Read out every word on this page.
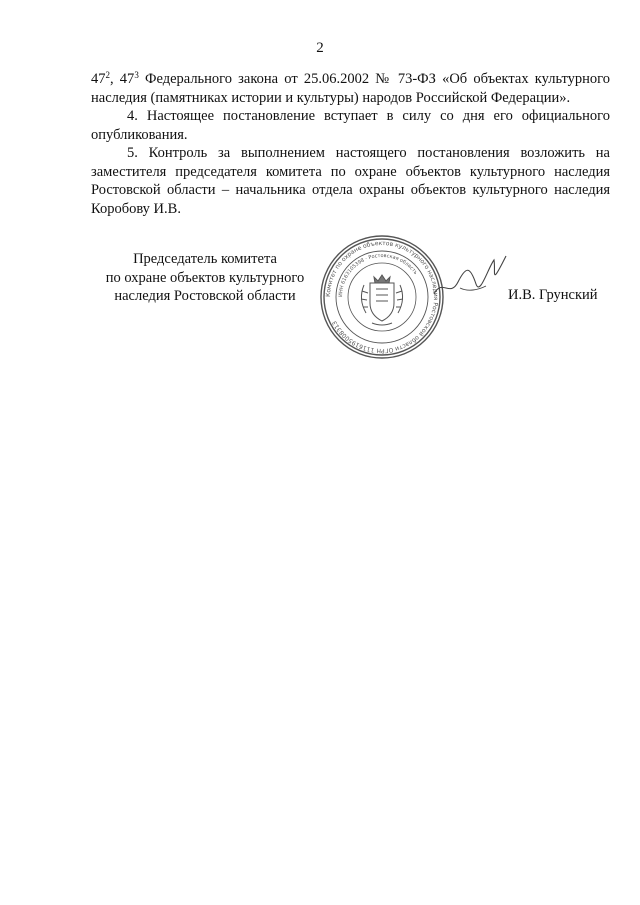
2

$47^2$, $47^3$ Федерального закона от 25.06.2002 № 73-ФЗ «Об объектах культурного наследия (памятниках истории и культуры) народов Российской Федерации».

4. Настоящее постановление вступает в силу со дня его официального опубликования.

5. Контроль за выполнением настоящего постановления возложить на заместителя председателя комитета по охране объектов культурного наследия Ростовской области – начальника отдела охраны объектов культурного наследия Коробову И.В.

Председатель комитета
по охране объектов культурного
наследия Ростовской области	Комитет по охране объектов культурного наследия Ростовской области ОГРН 1116195008313
ИНН 6163105398 · Ростовская область
И.В. Грунский
